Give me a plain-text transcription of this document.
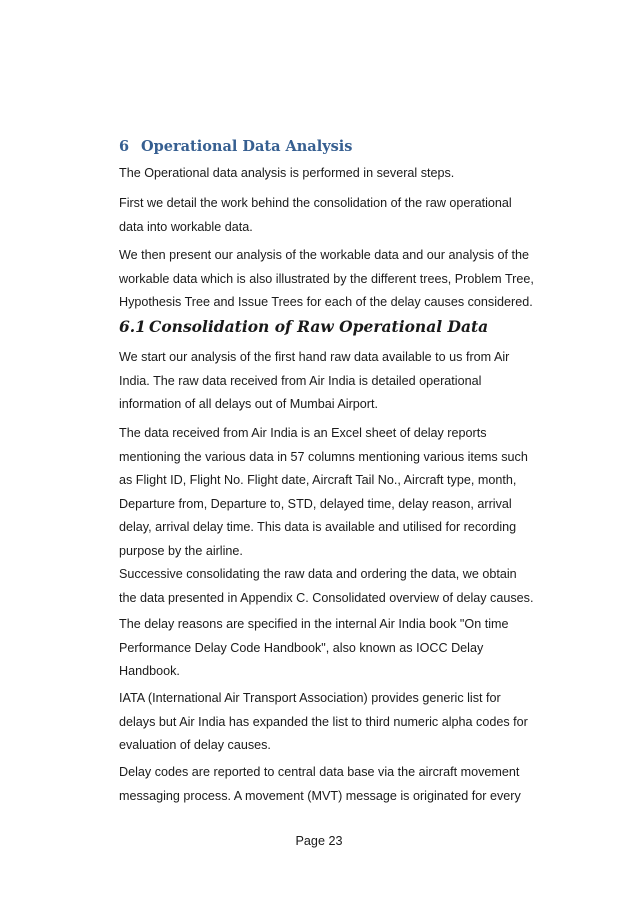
6 Operational Data Analysis

The Operational data analysis is performed in several steps.

First we detail the work behind the consolidation of the raw operational
data into workable data.

We then present our analysis of the workable data and our analysis of the
workable data which is also illustrated by the different trees, Problem Tree,
Hypothesis Tree and Issue Trees for each of the delay causes considered.

6.1 Consolidation of Raw Operational Data

We start our analysis of the first hand raw data available to us from Air
India. The raw data received from Air India is detailed operational
information of all delays out of Mumbai Airport.

The data received from Air India is an Excel sheet of delay reports
mentioning the various data in 57 columns mentioning various items such
as Flight ID, Flight No. Flight date, Aircraft Tail No., Aircraft type, month,
Departure from, Departure to, STD, delayed time, delay reason, arrival
delay, arrival delay time. This data is available and utilised for recording
purpose by the airline.

Successive consolidating the raw data and ordering the data, we obtain
the data presented in Appendix C. Consolidated overview of delay causes.

The delay reasons are specified in the internal Air India book "On time
Performance Delay Code Handbook", also known as IOCC Delay
Handbook.

IATA (International Air Transport Association) provides generic list for
delays but Air India has expanded the list to third numeric alpha codes for
evaluation of delay causes.

Delay codes are reported to central data base via the aircraft movement
messaging process. A movement (MVT) message is originated for every

Page 23
